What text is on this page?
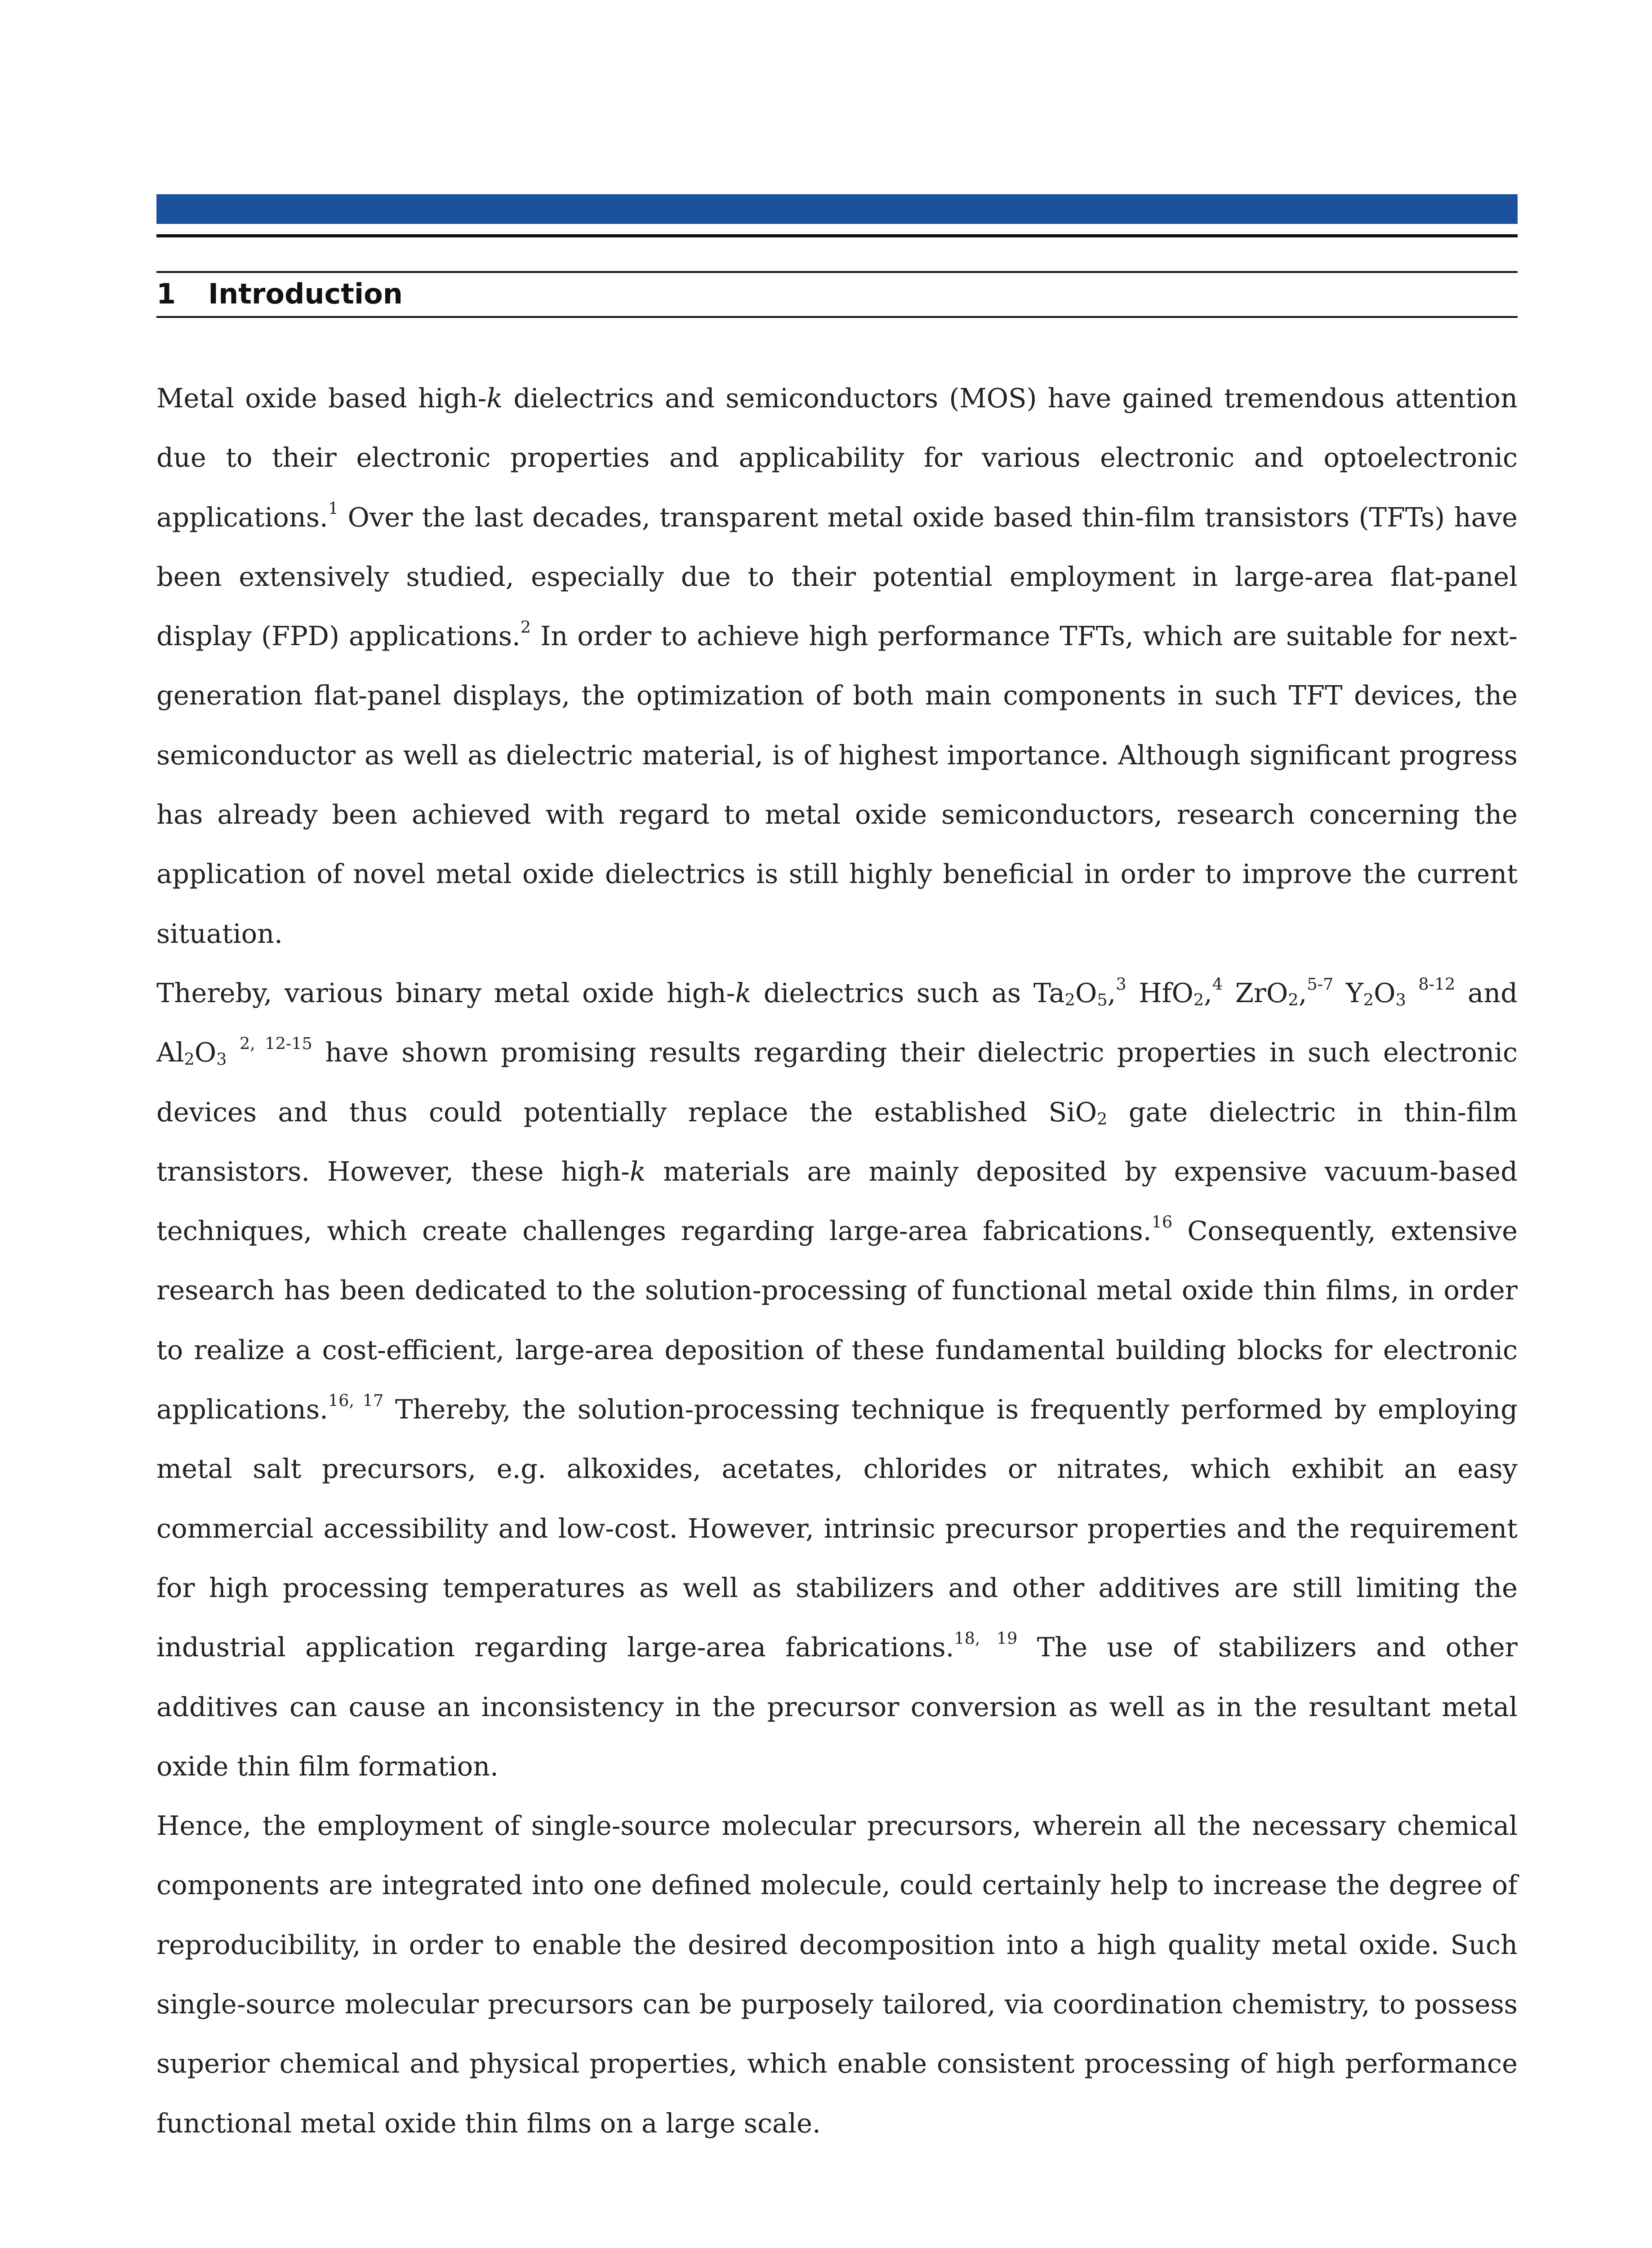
1 Introduction

Metal oxide based high-k dielectrics and semiconductors (MOS) have gained tremendous attention due to their electronic properties and applicability for various electronic and optoelectronic applications.$^1$ Over the last decades, transparent metal oxide based thin-film transistors (TFTs) have been extensively studied, especially due to their potential employment in large-area flat-panel display (FPD) applications.$^2$ In order to achieve high performance TFTs, which are suitable for next-generation flat-panel displays, the optimization of both main components in such TFT devices, the semiconductor as well as dielectric material, is of highest importance. Although significant progress has already been achieved with regard to metal oxide semiconductors, research concerning the application of novel metal oxide dielectrics is still highly beneficial in order to improve the current situation.

Thereby, various binary metal oxide high-k dielectrics such as $Ta_2O_5,^3$ HfO$_2$,$^4$ ZrO$_2$,$^{5-7}$ $Y_2O_3$ $^{8-12}$ and $Al_2O_3$ $^{2, 12-15}$ have shown promising results regarding their dielectric properties in such electronic devices and thus could potentially replace the established SiO$_2$ gate dielectric in thin-film transistors. However, these high-k materials are mainly deposited by expensive vacuum-based techniques, which create challenges regarding large-area fabrications.$^{16}$ Consequently, extensive research has been dedicated to the solution-processing of functional metal oxide thin films, in order to realize a cost-efficient, large-area deposition of these fundamental building blocks for electronic applications.$^{16, 17}$ Thereby, the solution-processing technique is frequently performed by employing metal salt precursors, e.g. alkoxides, acetates, chlorides or nitrates, which exhibit an easy commercial accessibility and low-cost. However, intrinsic precursor properties and the requirement for high processing temperatures as well as stabilizers and other additives are still limiting the industrial application regarding large-area fabrications.$^{18, 19}$ The use of stabilizers and other additives can cause an inconsistency in the precursor conversion as well as in the resultant metal oxide thin film formation.

Hence, the employment of single-source molecular precursors, wherein all the necessary chemical components are integrated into one defined molecule, could certainly help to increase the degree of reproducibility, in order to enable the desired decomposition into a high quality metal oxide. Such single-source molecular precursors can be purposely tailored, via coordination chemistry, to possess superior chemical and physical properties, which enable consistent processing of high performance functional metal oxide thin films on a large scale.
